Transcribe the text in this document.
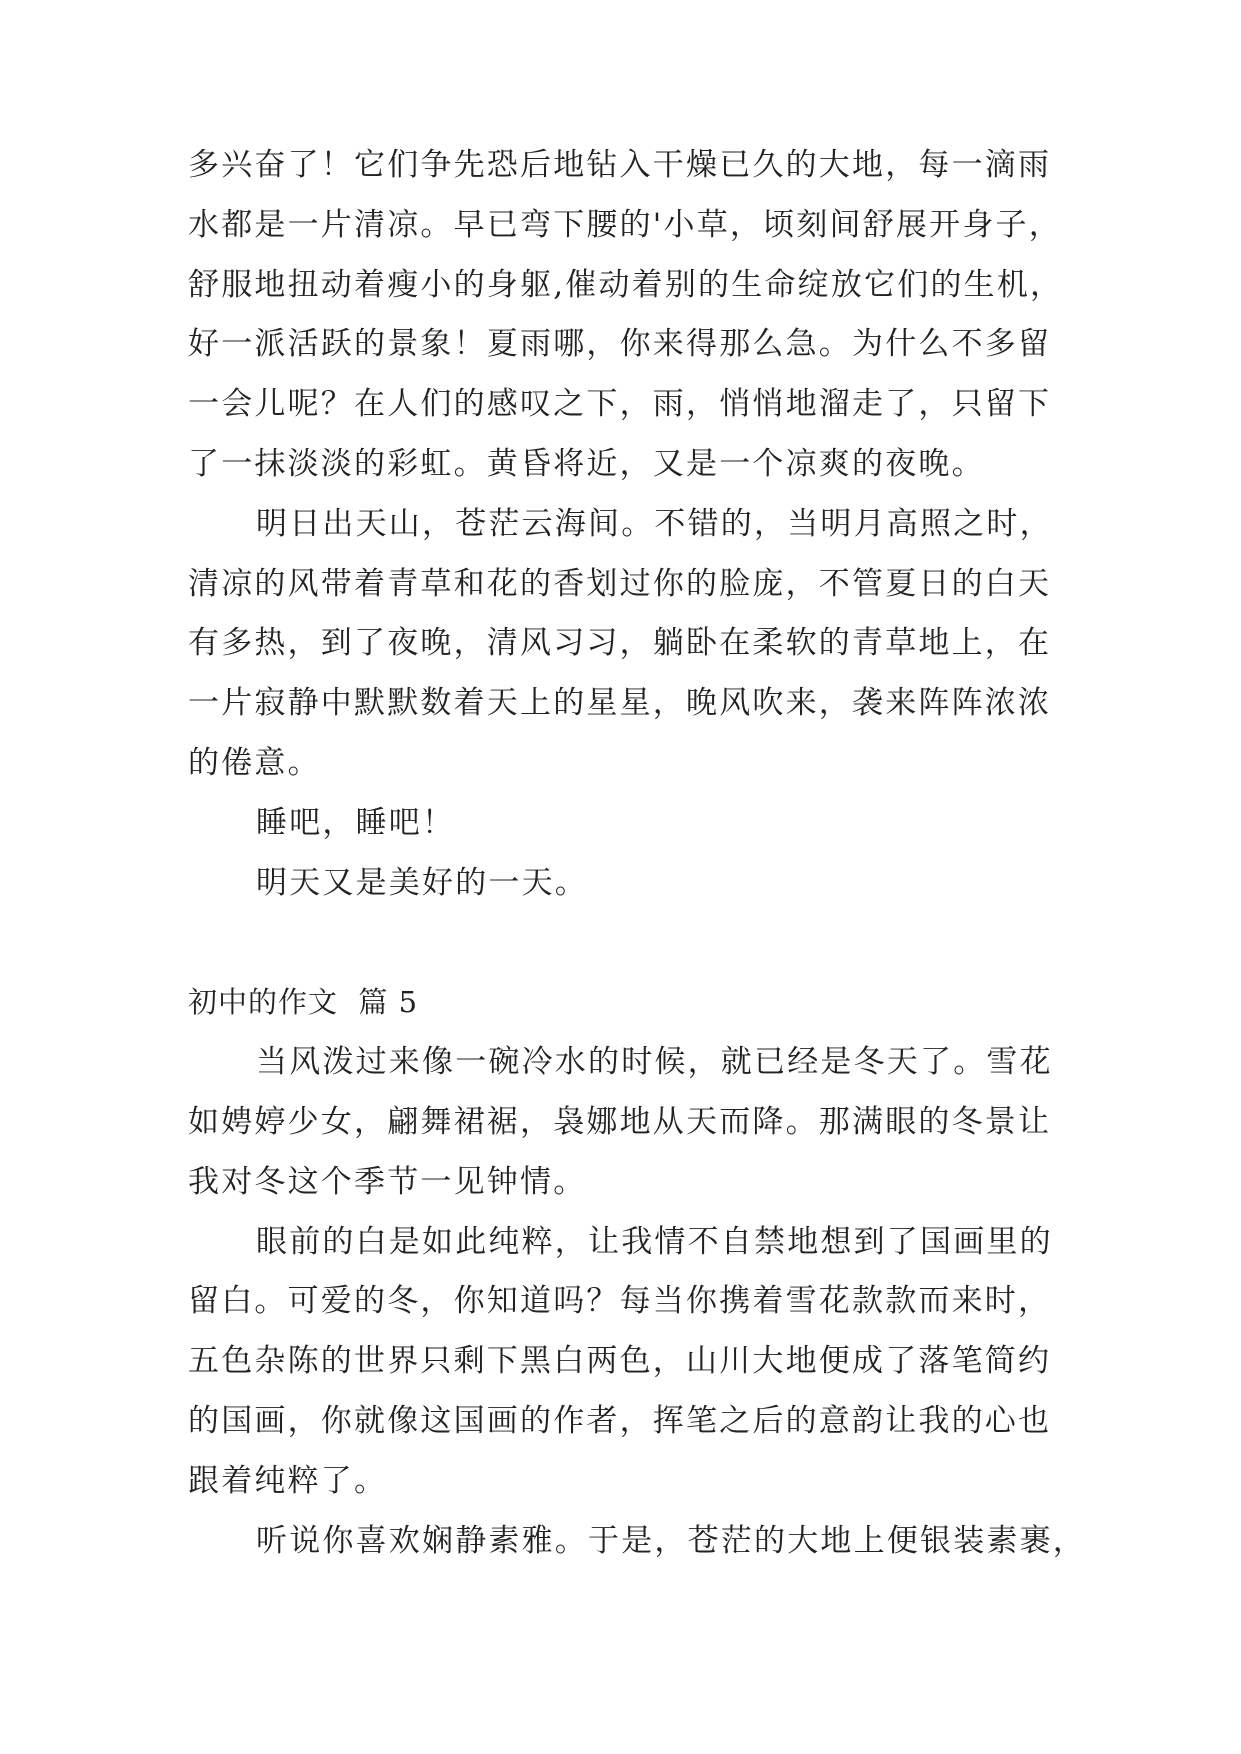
多兴奋了！它们争先恐后地钻入干燥已久的大地，每一滴雨
水都是一片清凉。早已弯下腰的'小草，顷刻间舒展开身子，
舒服地扭动着瘦小的身躯,催动着别的生命绽放它们的生机，
好一派活跃的景象！夏雨哪，你来得那么急。为什么不多留
一会儿呢？在人们的感叹之下，雨，悄悄地溜走了，只留下
了一抹淡淡的彩虹。黄昏将近，又是一个凉爽的夜晚。
明日出天山，苍茫云海间。不错的，当明月高照之时，
清凉的风带着青草和花的香划过你的脸庞，不管夏日的白天
有多热，到了夜晚，清风习习，躺卧在柔软的青草地上，在
一片寂静中默默数着天上的星星，晚风吹来，袭来阵阵浓浓
的倦意。
睡吧，睡吧！
明天又是美好的一天。
初中的作文  篇 5
当风泼过来像一碗冷水的时候，就已经是冬天了。雪花
如娉婷少女，翩舞裙裾，袅娜地从天而降。那满眼的冬景让
我对冬这个季节一见钟情。
眼前的白是如此纯粹，让我情不自禁地想到了国画里的
留白。可爱的冬，你知道吗？每当你携着雪花款款而来时，
五色杂陈的世界只剩下黑白两色，山川大地便成了落笔简约
的国画，你就像这国画的作者，挥笔之后的意韵让我的心也
跟着纯粹了。
听说你喜欢娴静素雅。于是，苍茫的大地上便银装素裹，
